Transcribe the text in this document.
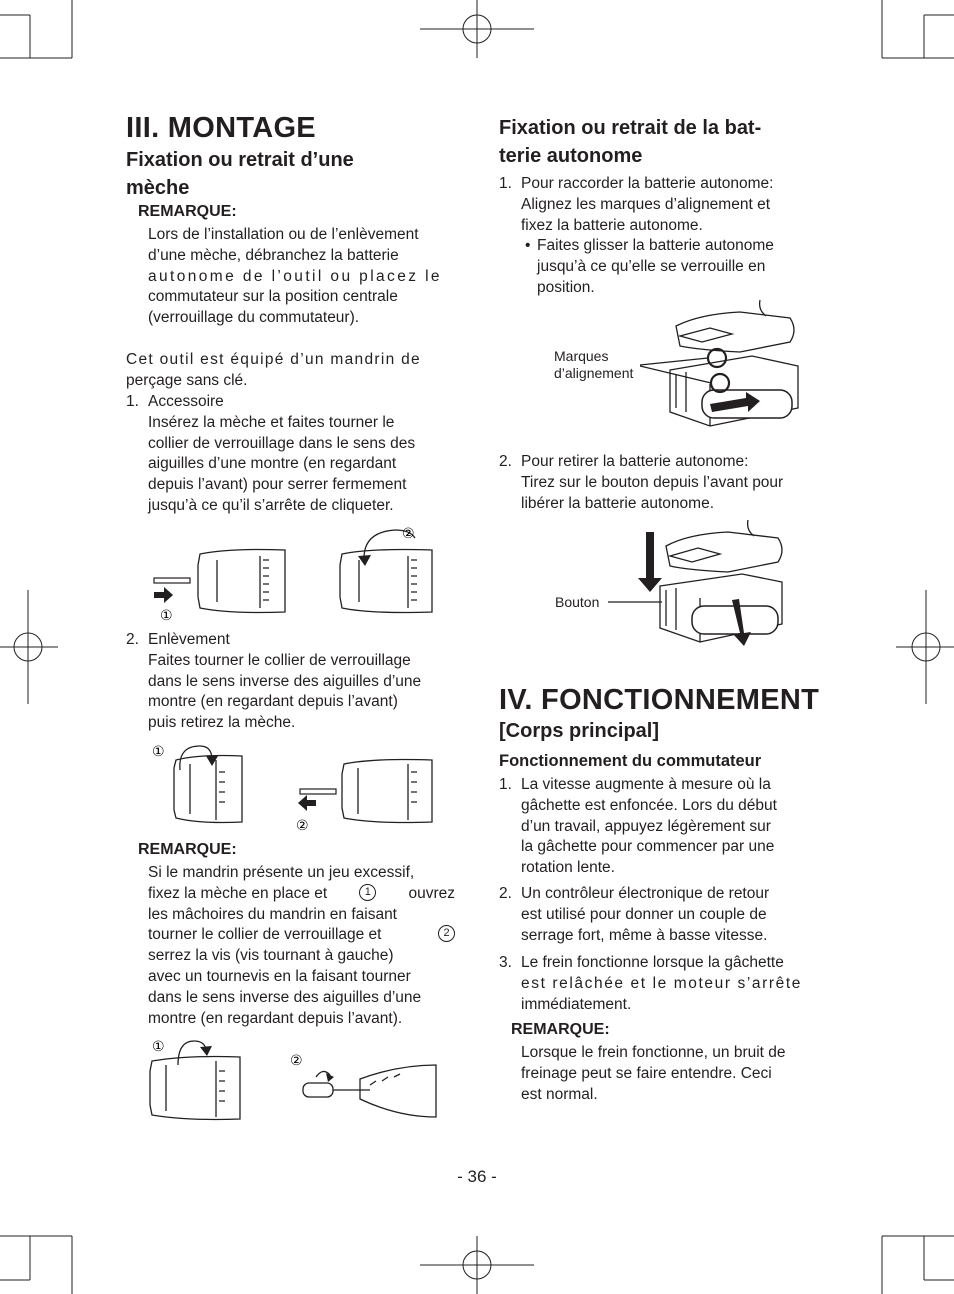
III. MONTAGE
Fixation ou retrait d’une
mèche
REMARQUE:
Lors de l’installation ou de l’enlèvement
d’une mèche, débranchez la batterie
autonome de l’outil ou placez le
commutateur sur la position centrale
(verrouillage du commutateur).
Cet outil est équipé d’un mandrin de
perçage sans clé.
1. Accessoire
Insérez la mèche et faites tourner le
collier de verrouillage dans le sens des
aiguilles d’une montre (en regardant
depuis l’avant) pour serrer fermement
jusqu’à ce qu’il s’arrête de cliqueter.
①
②
2. Enlèvement
Faites tourner le collier de verrouillage
dans le sens inverse des aiguilles d’une
montre (en regardant depuis l’avant)
puis retirez la mèche.
①
②
REMARQUE:
Si le mandrin présente un jeu excessif,
fixez la mèche en place et	1	ouvrez
les mâchoires du mandrin en faisant
tourner le collier de verrouillage et	2
serrez la vis (vis tournant à gauche)
avec un tournevis en la faisant tourner
dans le sens inverse des aiguilles d’une
montre (en regardant depuis l’avant).
①
②
Fixation ou retrait de la bat-
terie autonome
1. Pour raccorder la batterie autonome:
Alignez les marques d’alignement et
fixez la batterie autonome.
• Faites glisser la batterie autonome
jusqu’à ce qu’elle se verrouille en
position.
Marques
d’alignement
2. Pour retirer la batterie autonome:
Tirez sur le bouton depuis l’avant pour
libérer la batterie autonome.
Bouton
IV. FONCTIONNEMENT
[Corps principal]
Fonctionnement du commutateur
1. La vitesse augmente à mesure où la
gâchette est enfoncée. Lors du début
d’un travail, appuyez légèrement sur
la gâchette pour commencer par une
rotation lente.
2. Un contrôleur électronique de retour
est utilisé pour donner un couple de
serrage fort, même à basse vitesse.
3. Le frein fonctionne lorsque la gâchette
est relâchée et le moteur s’arrête
immédiatement.
REMARQUE:
Lorsque le frein fonctionne, un bruit de
freinage peut se faire entendre. Ceci
est normal.
- 36 -
